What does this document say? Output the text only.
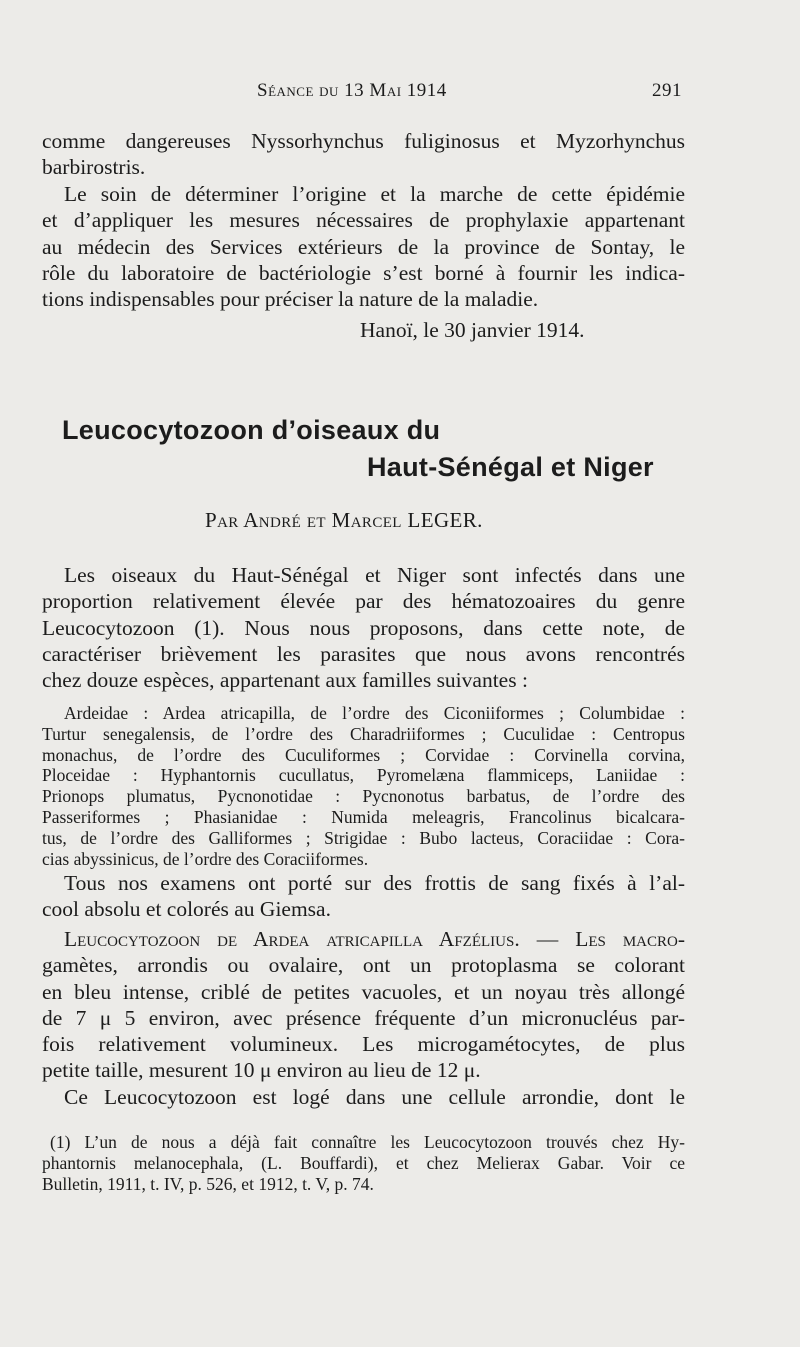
Séance du 13 Mai 1914	291

comme dangereuses Nyssorhynchus fuliginosus et Myzorhynchus
barbirostris.

Le soin de déterminer l’origine et la marche de cette épidémie
et d’appliquer les mesures nécessaires de prophylaxie appartenant
au médecin des Services extérieurs de la province de Sontay, le
rôle du laboratoire de bactériologie s’est borné à fournir les indica-
tions indispensables pour préciser la nature de la maladie.

Hanoï, le 30 janvier 1914.
Leucocytozoon d’oiseaux du
Haut-Sénégal et Niger
Par André et Marcel LEGER.

Les oiseaux du Haut-Sénégal et Niger sont infectés dans une
proportion relativement élevée par des hématozoaires du genre
Leucocytozoon (1). Nous nous proposons, dans cette note, de
caractériser brièvement les parasites que nous avons rencontrés
chez douze espèces, appartenant aux familles suivantes :

Ardeidae : Ardea atricapilla, de l’ordre des Ciconiiformes ; Columbidae :
Turtur senegalensis, de l’ordre des Charadriiformes ; Cuculidae : Centropus
monachus, de l’ordre des Cuculiformes ; Corvidae : Corvinella corvina,
Ploceidae : Hyphantornis cucullatus, Pyromelæna flammiceps, Laniidae :
Prionops plumatus, Pycnonotidae : Pycnonotus barbatus, de l’ordre des
Passeriformes ; Phasianidae : Numida meleagris, Francolinus bicalcara-
tus, de l’ordre des Galliformes ; Strigidae : Bubo lacteus, Coraciidae : Cora-
cias abyssinicus, de l’ordre des Coraciiformes.

Tous nos examens ont porté sur des frottis de sang fixés à l’al-
cool absolu et colorés au Giemsa.

Leucocytozoon de Ardea atricapilla Afzélius. — Les macro-
gamètes, arrondis ou ovalaire, ont un protoplasma se colorant
en bleu intense, criblé de petites vacuoles, et un noyau très allongé
de 7 μ 5 environ, avec présence fréquente d’un micronucléus par-
fois relativement volumineux. Les microgamétocytes, de plus
petite taille, mesurent 10 μ environ au lieu de 12 μ.

Ce Leucocytozoon est logé dans une cellule arrondie, dont le

(1) L’un de nous a déjà fait connaître les Leucocytozoon trouvés chez Hy-
phantornis melanocephala, (L. Bouffardi), et chez Melierax Gabar. Voir ce
Bulletin, 1911, t. IV, p. 526, et 1912, t. V, p. 74.
